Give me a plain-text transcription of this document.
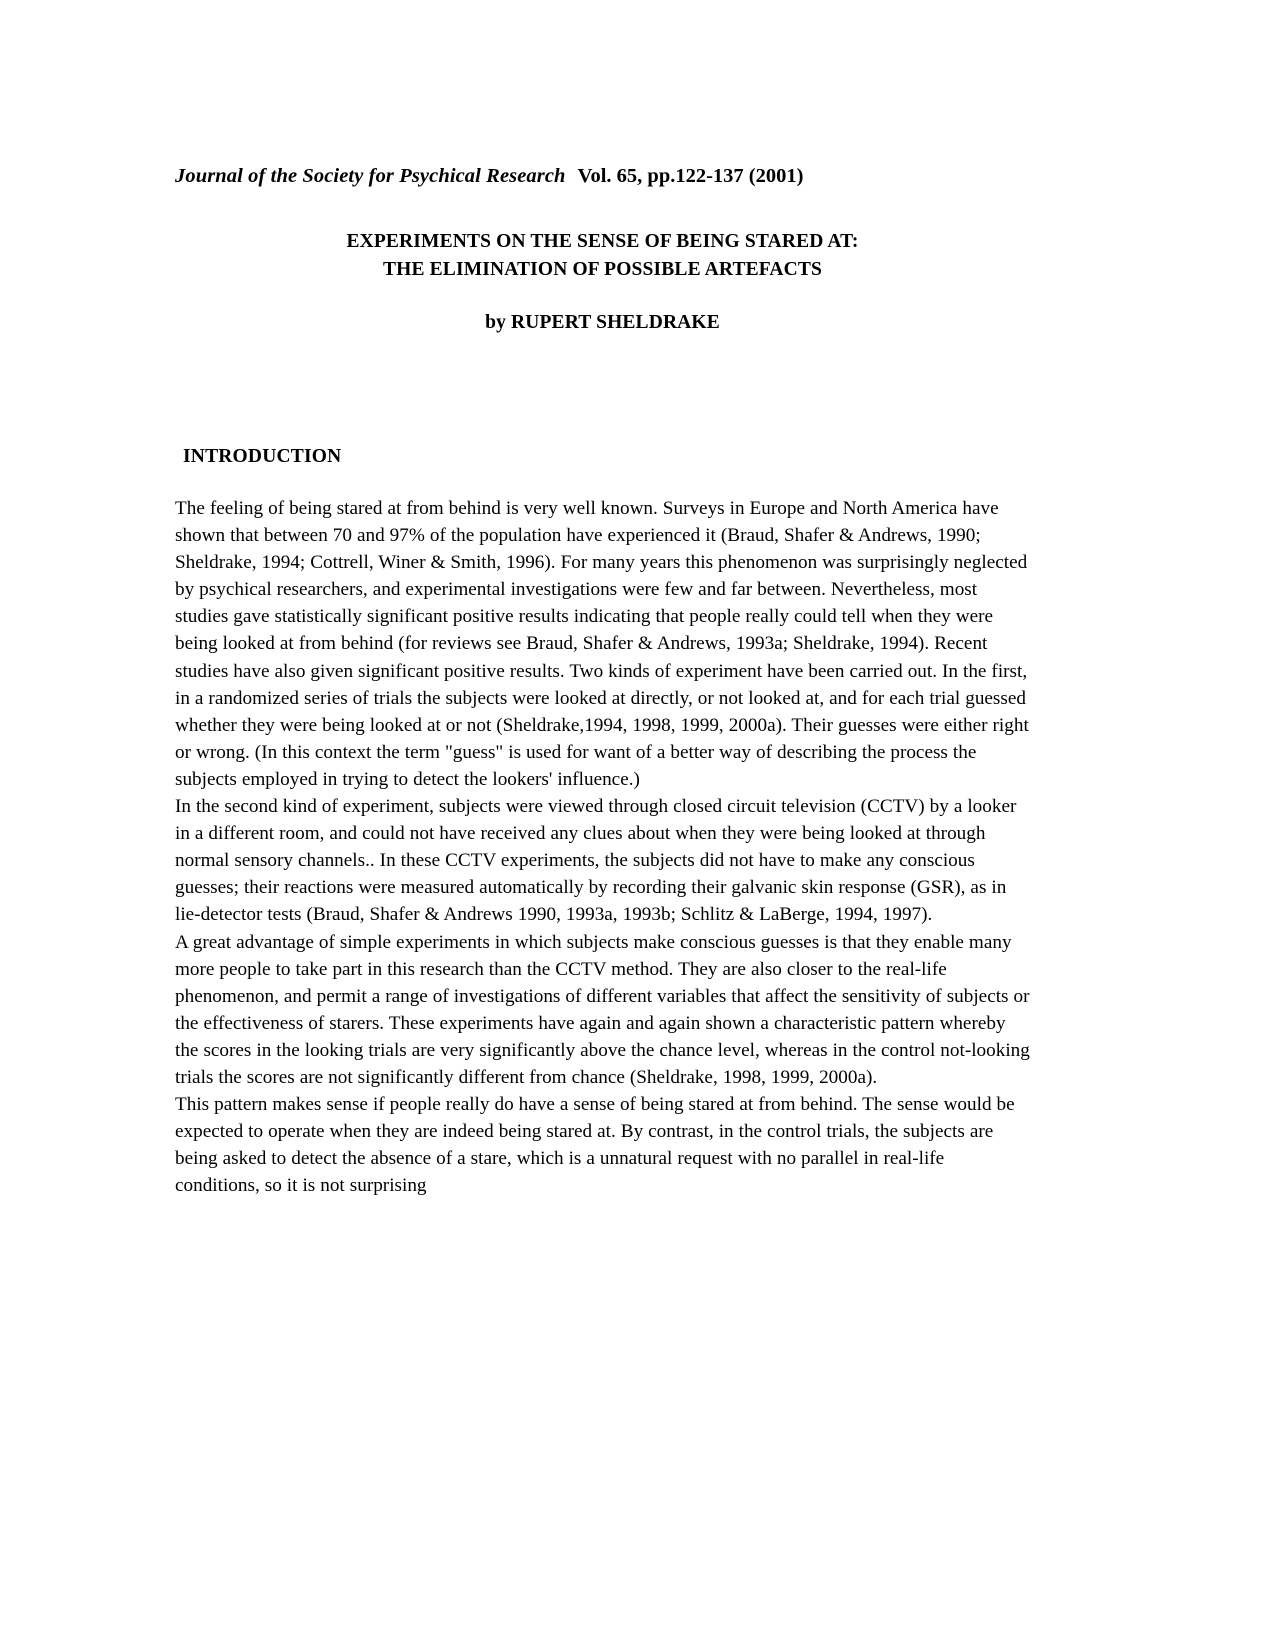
Journal of the Society for Psychical Research Vol. 65, pp.122-137 (2001)
EXPERIMENTS ON THE SENSE OF BEING STARED AT:
THE ELIMINATION OF POSSIBLE ARTEFACTS
by RUPERT SHELDRAKE
INTRODUCTION

The feeling of being stared at from behind is very well known. Surveys in Europe and North America have shown that between 70 and 97% of the population have experienced it (Braud, Shafer & Andrews, 1990; Sheldrake, 1994; Cottrell, Winer & Smith, 1996). For many years this phenomenon was surprisingly neglected by psychical researchers, and experimental investigations were few and far between. Nevertheless, most studies gave statistically significant positive results indicating that people really could tell when they were being looked at from behind (for reviews see Braud, Shafer & Andrews, 1993a; Sheldrake, 1994). Recent studies have also given significant positive results. Two kinds of experiment have been carried out. In the first, in a randomized series of trials the subjects were looked at directly, or not looked at, and for each trial guessed whether they were being looked at or not (Sheldrake,1994, 1998, 1999, 2000a). Their guesses were either right or wrong. (In this context the term "guess" is used for want of a better way of describing the process the subjects employed in trying to detect the lookers' influence.)

In the second kind of experiment, subjects were viewed through closed circuit television (CCTV) by a looker in a different room, and could not have received any clues about when they were being looked at through normal sensory channels.. In these CCTV experiments, the subjects did not have to make any conscious guesses; their reactions were measured automatically by recording their galvanic skin response (GSR), as in lie-detector tests (Braud, Shafer & Andrews 1990, 1993a, 1993b; Schlitz & LaBerge, 1994, 1997).

A great advantage of simple experiments in which subjects make conscious guesses is that they enable many more people to take part in this research than the CCTV method. They are also closer to the real-life phenomenon, and permit a range of investigations of different variables that affect the sensitivity of subjects or the effectiveness of starers. These experiments have again and again shown a characteristic pattern whereby the scores in the looking trials are very significantly above the chance level, whereas in the control not-looking trials the scores are not significantly different from chance (Sheldrake, 1998, 1999, 2000a).

This pattern makes sense if people really do have a sense of being stared at from behind. The sense would be expected to operate when they are indeed being stared at. By contrast, in the control trials, the subjects are being asked to detect the absence of a stare, which is a unnatural request with no parallel in real-life conditions, so it is not surprising
